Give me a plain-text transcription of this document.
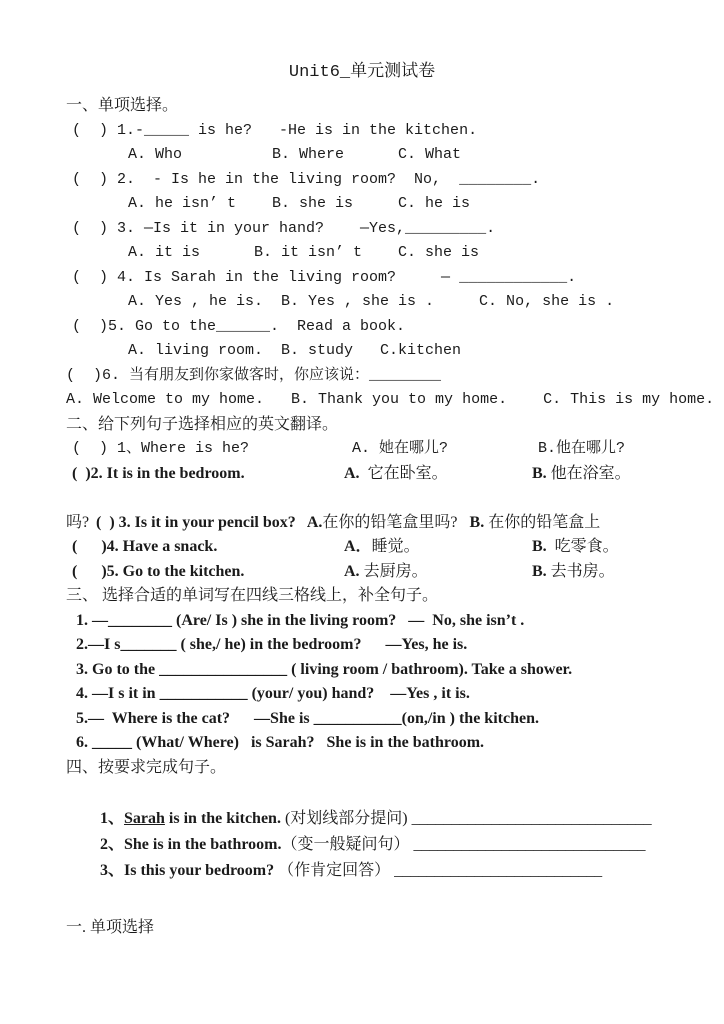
Unit6_单元测试卷
一、单项选择。
(  ) 1.-_____ is he?   -He is in the kitchen.
A. Who          B. Where      C. What
(  ) 2.  - Is he in the living room?  No,  ________.
A. he isn’ t    B. she is     C. he is
(  ) 3. —Is it in your hand?    —Yes,_________.
A. it is      B. it isn’ t    C. she is
(  ) 4. Is Sarah in the living room?     — ____________.
A. Yes , he is.  B. Yes , she is .     C. No, she is .
(  )5. Go to the______.  Read a book.
A. living room.  B. study   C.kitchen
(  )6. 当有朋友到你家做客时，你应该说：________
A. Welcome to my home.   B. Thank you to my home.    C. This is my home.
二、给下列句子选择相应的英文翻译。
(  ) 1、Where is he?	A. 她在哪儿?	B.他在哪儿?
(  )2. It is in the bedroom.	A.  它在卧室。	B. 他在浴室。

(  ) 3. Is it in your pencil box?   A.在你的铅笔盒里吗?   B. 在你的铅笔盒上

吗?
(      )4. Have a snack.	A．睡觉。	B.  吃零食。
(      )5. Go to the kitchen.	A. 去厨房。	B. 去书房。
三、 选择合适的单词写在四线三格线上，补全句子。
1. —________ (Are/ Is ) she in the living room?   —  No, she isn’t .
2.—I s_______ ( she,/ he) in the bedroom?      —Yes, he is.
3. Go to the ________________ ( living room / bathroom). Take a shower.
4. —I s it in ___________ (your/ you) hand?    —Yes , it is.
5.—  Where is the cat?      —She is ___________(on,/in ) the kitchen.
6. _____ (What/ Where)   is Sarah?   She is in the bathroom.
四、按要求完成句子。

1、Sarah is in the kitchen. (对划线部分提问) ______________________________

2、She is in the bathroom.（变一般疑问句） _____________________________

3、Is this your bedroom? （作肯定回答） __________________________

一. 单项选择
